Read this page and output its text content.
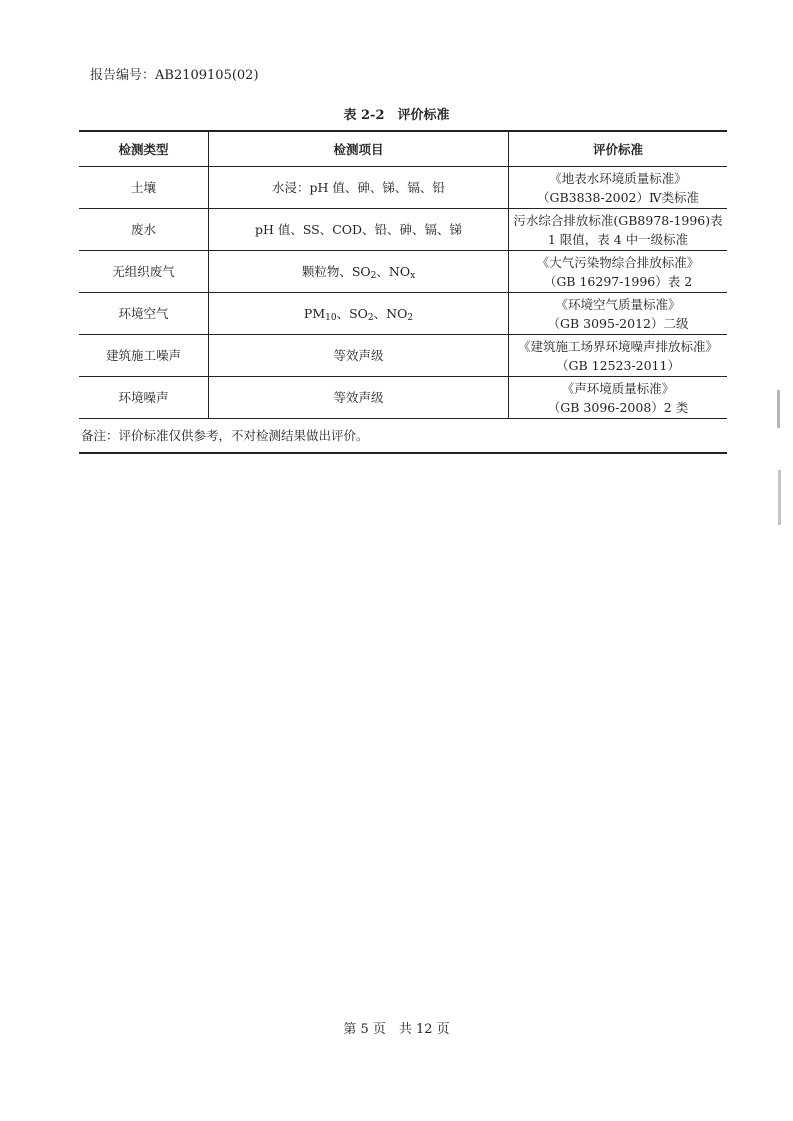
报告编号：AB2109105(02)
表 2-2　评价标准
检测类型	检测项目	评价标准
土壤	水浸：pH 值、砷、锑、镉、铅	《地表水环境质量标准》
（GB3838-2002）Ⅳ类标准
废水	pH 值、SS、COD、铅、砷、镉、锑	污水综合排放标准(GB8978-1996)表
1 限值，表 4 中一级标准
无组织废气	颗粒物、$SO_2$、$NO_x$	《大气污染物综合排放标准》
（GB 16297-1996）表 2
环境空气	$PM_{10}$、$SO_2$、$NO_2$	《环境空气质量标准》
（GB 3095-2012）二级
建筑施工噪声	等效声级	《建筑施工场界环境噪声排放标准》
（GB 12523-2011）
环境噪声	等效声级	《声环境质量标准》
（GB 3096-2008）2 类
备注：评价标准仅供参考，不对检测结果做出评价。		
第 5 页　 共 12 页
